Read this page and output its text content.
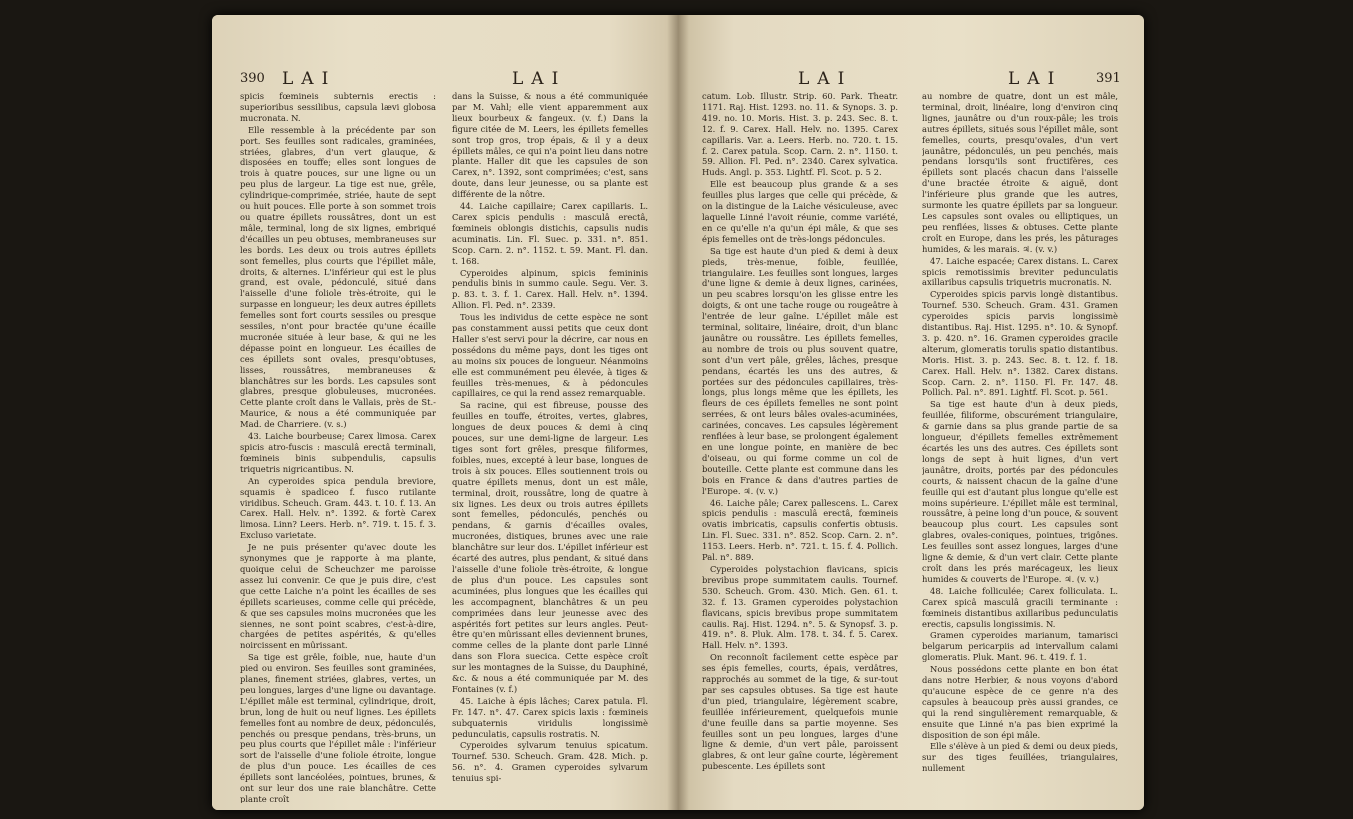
390 LAI	LAI

spicis fœmineis subternis erectis : superioribus sessilibus, capsula lævi globosa mucronata. N.

Elle ressemble à la précédente par son port. Ses feuilles sont radicales, graminées, striées, glabres, d'un vert glauque, & disposées en touffe; elles sont longues de trois à quatre pouces, sur une ligne ou un peu plus de largeur. La tige est nue, grêle, cylindrique-comprimée, striée, haute de sept ou huit pouces. Elle porte à son sommet trois ou quatre épillets roussâtres, dont un est mâle, terminal, long de six lignes, embriqué d'écailles un peu obtuses, membraneuses sur les bords. Les deux ou trois autres épillets sont femelles, plus courts que l'épillet mâle, droits, & alternes. L'inférieur qui est le plus grand, est ovale, pédonculé, situé dans l'aisselle d'une foliole très-étroite, qui le surpasse en longueur; les deux autres épillets femelles sont fort courts sessiles ou presque sessiles, n'ont pour bractée qu'une écaille mucronée située à leur base, & qui ne les dépasse point en longueur. Les écailles de ces épillets sont ovales, presqu'obtuses, lisses, roussâtres, membraneuses & blanchâtres sur les bords. Les capsules sont glabres, presque globuleuses, mucronées. Cette plante croît dans le Vallais, près de St.-Maurice, & nous a été communiquée par Mad. de Charriere. (v. s.)

43. Laiche bourbeuse; Carex limosa. Carex spicis atro-fuscis : masculâ erectâ terminali, fœmineis binis subpendulis, capsulis triquetris nigricantibus. N.

An cyperoides spica pendula breviore, squamis è spadiceo f. fusco rutilante viridibus. Scheuch. Gram. 443. t. 10. f. 13. An Carex. Hall. Helv. n°. 1392. & fortè Carex limosa. Linn? Leers. Herb. n°. 719. t. 15. f. 3. Excluso varietate.

Je ne puis présenter qu'avec doute les synonymes que je rapporte à ma plante, quoique celui de Scheuchzer me paroisse assez lui convenir. Ce que je puis dire, c'est que cette Laiche n'a point les écailles de ses épillets scarieuses, comme celle qui précède, & que ses capsules moins mucronées que les siennes, ne sont point scabres, c'est-à-dire, chargées de petites aspérités, & qu'elles noircissent en mûrissant.

Sa tige est grêle, foible, nue, haute d'un pied ou environ. Ses feuilles sont graminées, planes, finement striées, glabres, vertes, un peu longues, larges d'une ligne ou davantage. L'épillet mâle est terminal, cylindrique, droit, brun, long de huit ou neuf lignes. Les épillets femelles font au nombre de deux, pédonculés, penchés ou presque pendans, très-bruns, un peu plus courts que l'épillet mâle : l'inférieur sort de l'aisselle d'une foliole étroite, longue de plus d'un pouce. Les écailles de ces épillets sont lancéolées, pointues, brunes, & ont sur leur dos une raie blanchâtre. Cette plante croît

dans la Suisse, & nous a été communiquée par M. Vahl; elle vient apparemment aux lieux bourbeux & fangeux. (v. f.) Dans la figure citée de M. Leers, les épillets femelles sont trop gros, trop épais, & il y a deux épillets mâles, ce qui n'a point lieu dans notre plante. Haller dit que les capsules de son Carex, n°. 1392, sont comprimées; c'est, sans doute, dans leur jeunesse, ou sa plante est différente de la nôtre.

44. Laiche capillaire; Carex capillaris. L. Carex spicis pendulis : masculâ erectâ, fœmineis oblongis distichis, capsulis nudis acuminatis. Lin. Fl. Suec. p. 331. n°. 851. Scop. Carn. 2. n°. 1152. t. 59. Mant. Fl. dan. t. 168.

Cyperoides alpinum, spicis femininis pendulis binis in summo caule. Segu. Ver. 3. p. 83. t. 3. f. 1. Carex. Hall. Helv. n°. 1394. Allion. Fl. Ped. n°. 2339.

Tous les individus de cette espèce ne sont pas constamment aussi petits que ceux dont Haller s'est servi pour la décrire, car nous en possédons du même pays, dont les tiges ont au moins six pouces de longueur. Néanmoins elle est communément peu élevée, à tiges & feuilles très-menues, & à pédoncules capillaires, ce qui la rend assez remarquable.

Sa racine, qui est fibreuse, pousse des feuilles en touffe, étroites, vertes, glabres, longues de deux pouces & demi à cinq pouces, sur une demi-ligne de largeur. Les tiges sont fort grêles, presque filiformes, foibles, nues, excepté à leur base, longues de trois à six pouces. Elles soutiennent trois ou quatre épillets menus, dont un est mâle, terminal, droit, roussâtre, long de quatre à six lignes. Les deux ou trois autres épillets sont femelles, pédonculés, penchés ou pendans, & garnis d'écailles ovales, mucronées, distiques, brunes avec une raie blanchâtre sur leur dos. L'épillet inférieur est écarté des autres, plus pendant, & situé dans l'aisselle d'une foliole très-étroite, & longue de plus d'un pouce. Les capsules sont acuminées, plus longues que les écailles qui les accompagnent, blanchâtres & un peu comprimées dans leur jeunesse avec des aspérités fort petites sur leurs angles. Peut-être qu'en mûrissant elles deviennent brunes, comme celles de la plante dont parle Linné dans son Flora suecica. Cette espèce croît sur les montagnes de la Suisse, du Dauphiné, &c. & nous a été communiquée par M. des Fontaines (v. f.)

45. Laiche à épis lâches; Carex patula. Fl. Fr. 147. n°. 47. Carex spicis laxis : fœmineis subquaternis viridulis longissimè pedunculatis, capsulis rostratis. N.

Cyperoides sylvarum tenuius spicatum. Tournef. 530. Scheuch. Gram. 428. Mich. p. 56. n°. 4. Gramen cyperoides sylvarum tenuius spi-

LAI	LAI	391

catum. Lob. Illustr. Strip. 60. Park. Theatr. 1171. Raj. Hist. 1293. no. 11. & Synops. 3. p. 419. no. 10. Moris. Hist. 3. p. 243. Sec. 8. t. 12. f. 9. Carex. Hall. Helv. no. 1395. Carex capillaris. Var. a. Leers. Herb. no. 720. t. 15. f. 2. Carex patula. Scop. Carn. 2. n°. 1150. t. 59. Allion. Fl. Ped. n°. 2340. Carex sylvatica. Huds. Angl. p. 353. Lightf. Fl. Scot. p. 5 2.

Elle est beaucoup plus grande & a ses feuilles plus larges que celle qui précède, & on la distingue de la Laiche vésiculeuse, avec laquelle Linné l'avoit réunie, comme variété, en ce qu'elle n'a qu'un épi mâle, & que ses épis femelles ont de très-longs pédoncules.

Sa tige est haute d'un pied & demi à deux pieds, très-menue, foible, feuillée, triangulaire. Les feuilles sont longues, larges d'une ligne & demie à deux lignes, carinées, un peu scabres lorsqu'on les glisse entre les doigts, & ont une tache rouge ou rougeâtre à l'entrée de leur gaîne. L'épillet mâle est terminal, solitaire, linéaire, droit, d'un blanc jaunâtre ou roussâtre. Les épillets femelles, au nombre de trois ou plus souvent quatre, sont d'un vert pâle, grêles, lâches, presque pendans, écartés les uns des autres, & portées sur des pédoncules capillaires, très-longs, plus longs même que les épillets, les fleurs de ces épillets femelles ne sont point serrées, & ont leurs bâles ovales-acuminées, carinées, concaves. Les capsules légèrement renflées à leur base, se prolongent également en une longue pointe, en manière de bec d'oiseau, ou qui forme comme un col de bouteille. Cette plante est commune dans les bois en France & dans d'autres parties de l'Europe. ♃. (v. v.)

46. Laiche pâle; Carex pallescens. L. Carex spicis pendulis : masculâ erectâ, fœmineis ovatis imbricatis, capsulis confertis obtusis. Lin. Fl. Suec. 331. n°. 852. Scop. Carn. 2. n°. 1153. Leers. Herb. n°. 721. t. 15. f. 4. Pollich. Pal. n°. 889.

Cyperoides polystachion flavicans, spicis brevibus prope summitatem caulis. Tournef. 530. Scheuch. Grom. 430. Mich. Gen. 61. t. 32. f. 13. Gramen cyperoides polystachion flavicans, spicis brevibus prope summitatem caulis. Raj. Hist. 1294. n°. 5. & Synopsf. 3. p. 419. n°. 8. Pluk. Alm. 178. t. 34. f. 5. Carex. Hall. Helv. n°. 1393.

On reconnoît facilement cette espèce par ses épis femelles, courts, épais, verdâtres, rapprochés au sommet de la tige, & sur-tout par ses capsules obtuses. Sa tige est haute d'un pied, triangulaire, légèrement scabre, feuillée inférieurement, quelquefois munie d'une feuille dans sa partie moyenne. Ses feuilles sont un peu longues, larges d'une ligne & demie, d'un vert pâle, paroissent glabres, & ont leur gaîne courte, légèrement pubescente. Les épillets sont

au nombre de quatre, dont un est mâle, terminal, droit, linéaire, long d'environ cinq lignes, jaunâtre ou d'un roux-pâle; les trois autres épillets, situés sous l'épillet mâle, sont femelles, courts, presqu'ovales, d'un vert jaunâtre, pédonculés, un peu penchés, mais pendans lorsqu'ils sont fructifères, ces épillets sont placés chacun dans l'aisselle d'une bractée étroite & aiguë, dont l'inférieure plus grande que les autres, surmonte les quatre épillets par sa longueur. Les capsules sont ovales ou elliptiques, un peu renflées, lisses & obtuses. Cette plante croît en Europe, dans les prés, les pâturages humides, & les marais. ♃. (v. v.)

47. Laiche espacée; Carex distans. L. Carex spicis remotissimis breviter pedunculatis axillaribus capsulis triquetris mucronatis. N.

Cyperoides spicis parvis longè distantibus. Tournef. 530. Scheuch. Gram. 431. Gramen cyperoides spicis parvis longissimè distantibus. Raj. Hist. 1295. n°. 10. & Synopf. 3. p. 420. n°. 16. Gramen cyperoides gracile alterum, glomeratis torulis spatio distantibus. Moris. Hist. 3. p. 243. Sec. 8. t. 12. f. 18. Carex. Hall. Helv. n°. 1382. Carex distans. Scop. Carn. 2. n°. 1150. Fl. Fr. 147. 48. Pollich. Pal. n°. 891. Lightf. Fl. Scot. p. 561.

Sa tige est haute d'un à deux pieds, feuillée, filiforme, obscurément triangulaire, & garnie dans sa plus grande partie de sa longueur, d'épillets femelles extrêmement écartés les uns des autres. Ces épillets sont longs de sept à huit lignes, d'un vert jaunâtre, droits, portés par des pédoncules courts, & naissent chacun de la gaîne d'une feuille qui est d'autant plus longue qu'elle est moins supérieure. L'épillet mâle est terminal, roussâtre, à peine long d'un pouce, & souvent beaucoup plus court. Les capsules sont glabres, ovales-coniques, pointues, trigônes. Les feuilles sont assez longues, larges d'une ligne & demie, & d'un vert clair. Cette plante croît dans les prés marécageux, les lieux humides & couverts de l'Europe. ♃. (v. v.)

48. Laiche folliculée; Carex folliculata. L. Carex spicâ masculâ gracili terminante : fœmineis distantibus axillaribus pedunculatis erectis, capsulis longissimis. N.

Gramen cyperoides marianum, tamarisci belgarum pericarpiis ad intervallum calami glomeratis. Pluk. Mant. 96. t. 419. f. 1.

Nous possédons cette plante en bon état dans notre Herbier, & nous voyons d'abord qu'aucune espèce de ce genre n'a des capsules à beaucoup près aussi grandes, ce qui la rend singulièrement remarquable, & ensuite que Linné n'a pas bien exprimé la disposition de son épi mâle.

Elle s'élève à un pied & demi ou deux pieds, sur des tiges feuillées, triangulaires, nullement
